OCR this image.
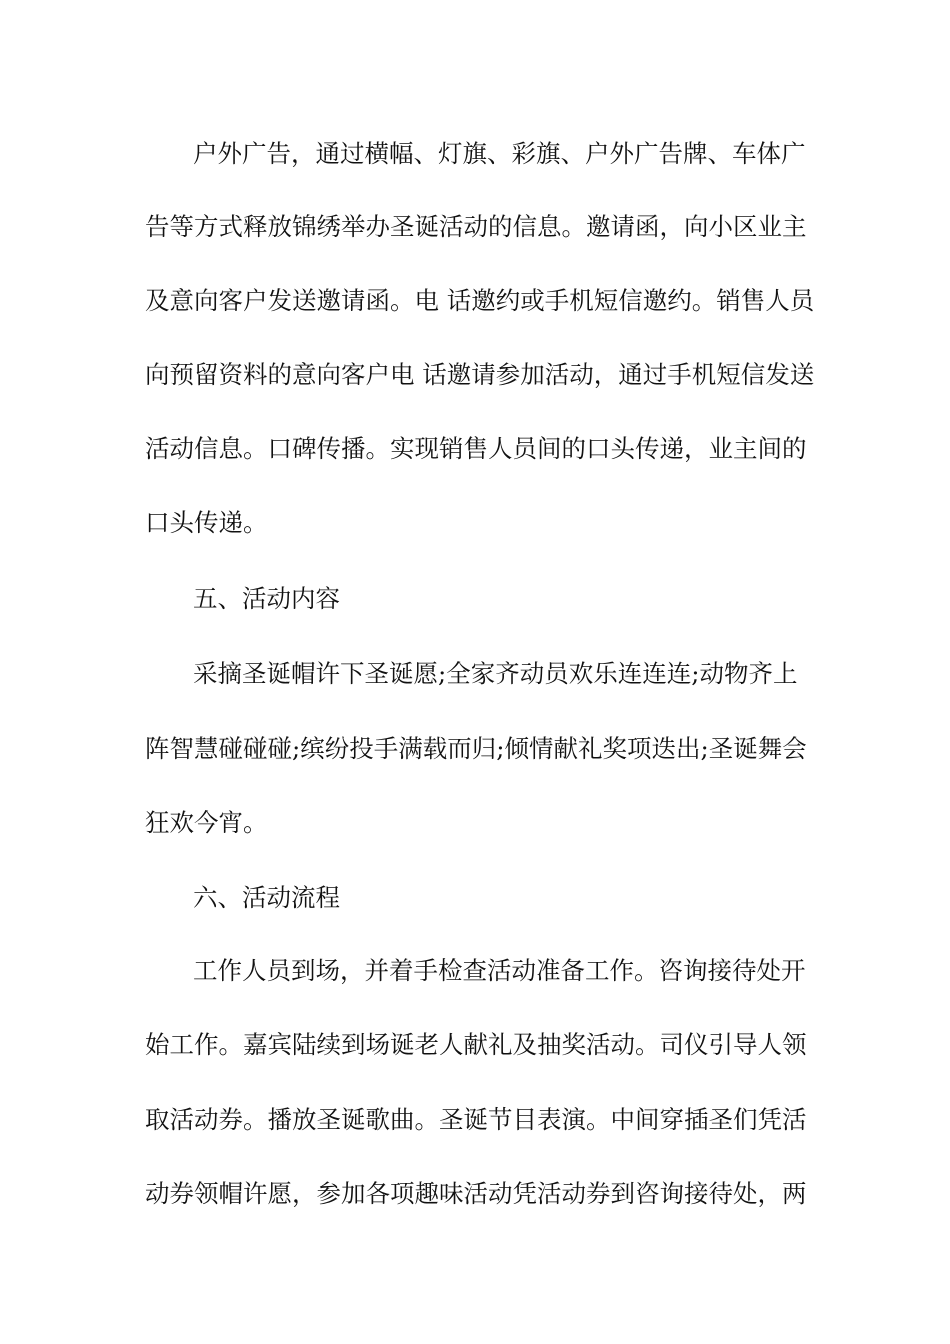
户外广告，通过横幅、灯旗、彩旗、户外广告牌、车体广
告等方式释放锦绣举办圣诞活动的信息。邀请函，向小区业主
及意向客户发送邀请函。电 话邀约或手机短信邀约。销售人员
向预留资料的意向客户电 话邀请参加活动，通过手机短信发送
活动信息。口碑传播。实现销售人员间的口头传递，业主间的
口头传递。
五、活动内容
采摘圣诞帽许下圣诞愿;全家齐动员欢乐连连连;动物齐上
阵智慧碰碰碰;缤纷投手满载而归;倾情献礼奖项迭出;圣诞舞会
狂欢今宵。
六、活动流程
工作人员到场，并着手检查活动准备工作。咨询接待处开
始工作。嘉宾陆续到场诞老人献礼及抽奖活动。司仪引导人领
取活动券。播放圣诞歌曲。圣诞节目表演。中间穿插圣们凭活
动券领帽许愿，参加各项趣味活动凭活动券到咨询接待处，两
